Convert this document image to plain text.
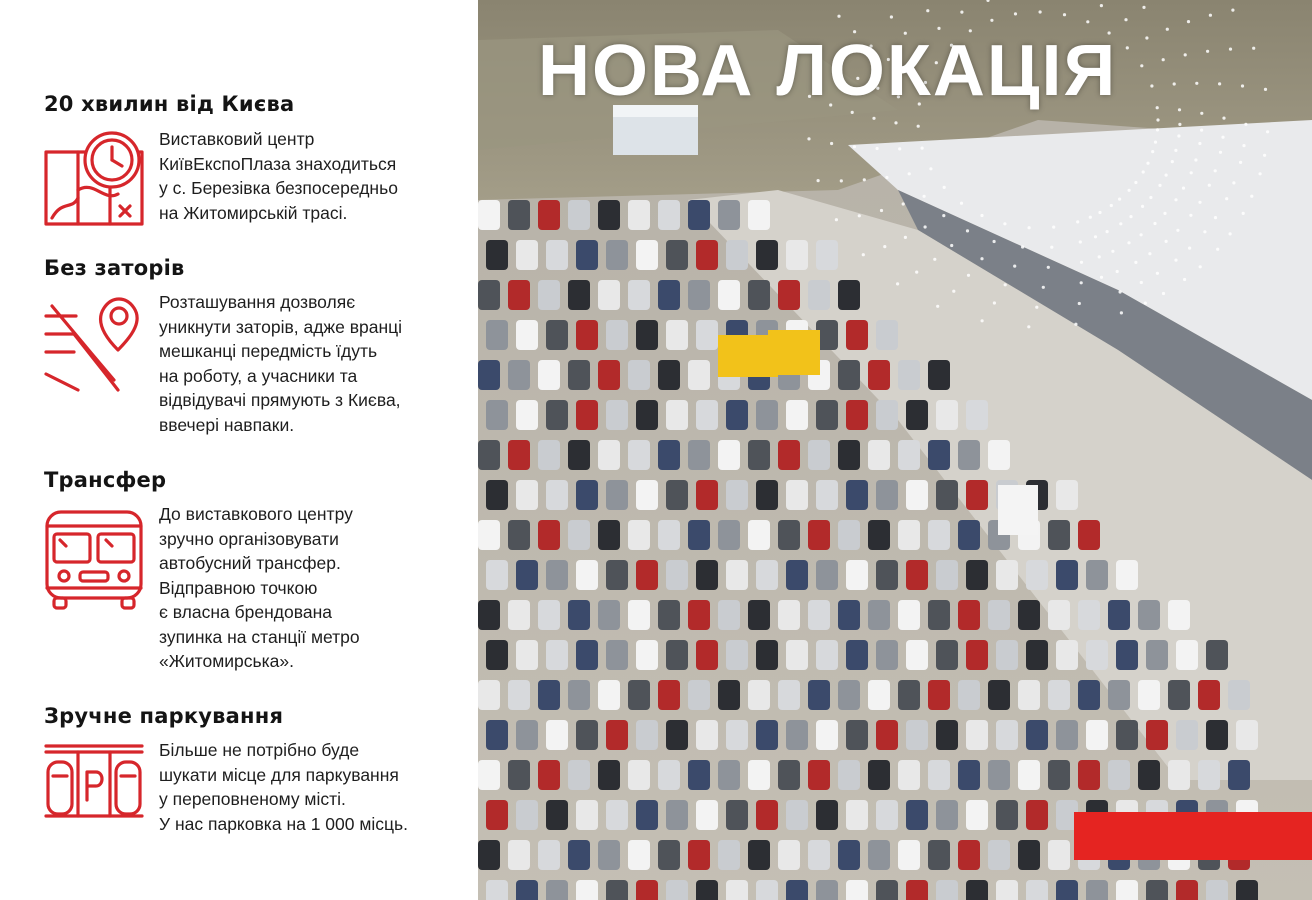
20 хвилин від Києва
Виставковий центр
КиївЕкспоПлаза знаходиться
у с. Березівка безпосередньо
на Житомирській трасі.
Без заторів
Розташування дозволяє
уникнути заторів, адже вранці
мешканці передмість їдуть
на роботу, а учасники та
відвідувачі прямують з Києва,
ввечері навпаки.
Трансфер
До виставкового центру
зручно організовувати
автобусний трансфер.
Відправною точкою
є власна брендована
зупинка на станції метро
«Житомирська».
Зручне паркування
Більше не потрібно буде
шукати місце для паркування
у переповненому місті.
У нас парковка на 1 000 місць.
НОВА ЛОКАЦІЯ
